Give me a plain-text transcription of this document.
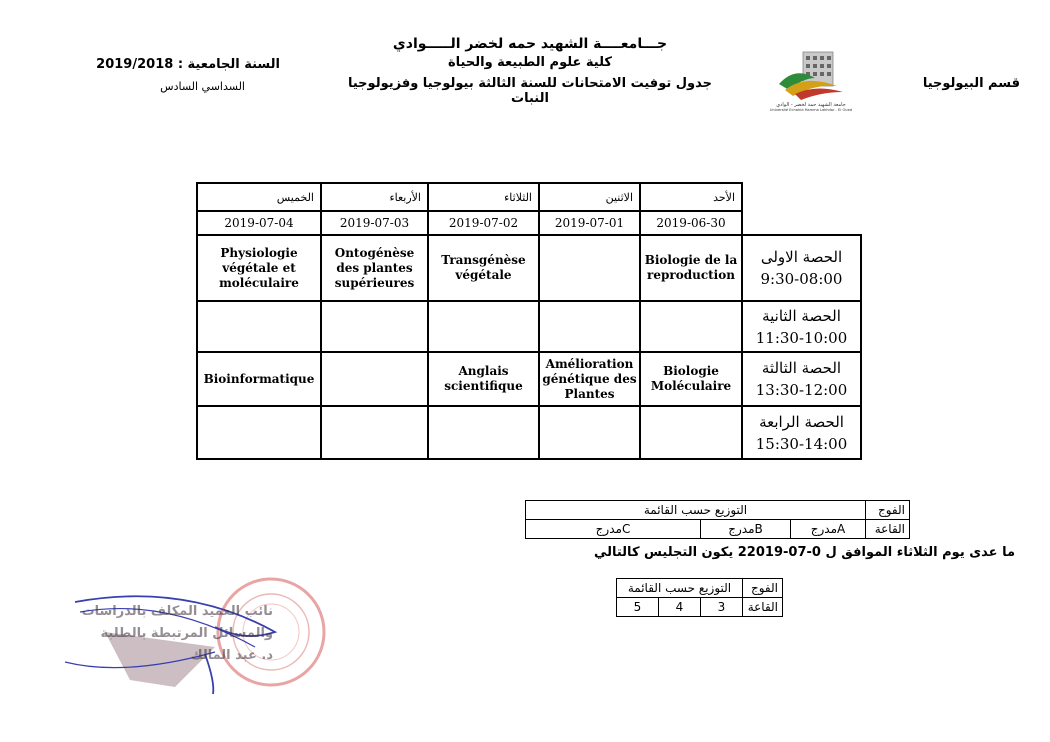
جـــامعــــة الشهيد حمه لخضر الـــــوادي
كلية علوم الطبيعة والحياة
جدول توفيت الامتحانات للسنة الثالثة بيولوجيا وفزيولوجيا النبات
قسم البيولوجيا
السنة الجامعية : 2019/2018
السداسي السادس
جامعة الشهيد حمة لخضر - الوادي
Université Echahid Hamma Lakhdar - El Oued
الخميس	الأربعاء	الثلاثاء	الاثنين	الأحد	
2019-07-04	2019-07-03	2019-07-02	2019-07-01	2019-06-30	
Physiologie végétale et moléculaire	Ontogénèse des plantes supérieures	Transgénèse végétale		Biologie de la reproduction	الحصة الاولى
9:30-08:00

					الحصة الثانية
11:30-10:00

Bioinformatique		Anglais scientifique	Amélioration génétique des Plantes	Biologie Moléculaire	الحصة الثالثة
13:30-12:00

					الحصة الرابعة
15:30-14:00
التوزيع حسب القائمة			الفوج
مدرجC	مدرجB	مدرجA	القاعة
ما عدى يوم الثلاثاء الموافق ل 0-07-22019 يكون التجليس كالتالي
التوزيع حسب القائمة			الفوج
5	4	3	القاعة
نائب العميد المكلف بالدراسات
والمسائل المرتبطة بالطلبة
د. عبد المالك
